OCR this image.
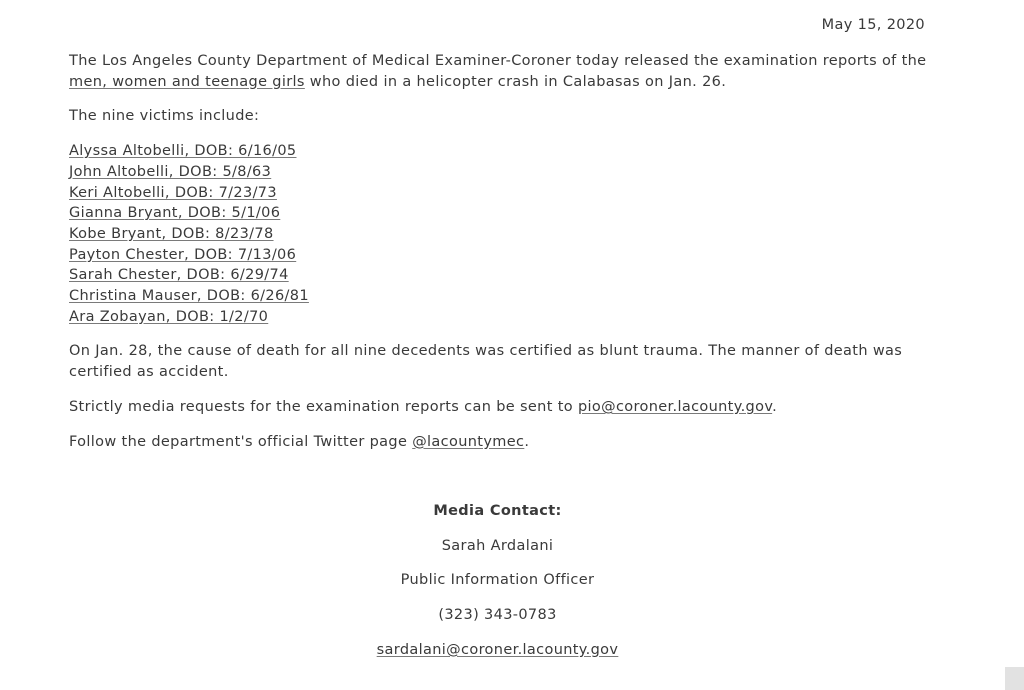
May 15, 2020

The Los Angeles County Department of Medical Examiner-Coroner today released the examination reports of the men, women and teenage girls who died in a helicopter crash in Calabasas on Jan. 26.

The nine victims include:

Alyssa Altobelli, DOB: 6/16/05
John Altobelli, DOB: 5/8/63
Keri Altobelli, DOB: 7/23/73
Gianna Bryant, DOB: 5/1/06
Kobe Bryant, DOB: 8/23/78
Payton Chester, DOB: 7/13/06
Sarah Chester, DOB: 6/29/74
Christina Mauser, DOB: 6/26/81
Ara Zobayan, DOB: 1/2/70

On Jan. 28, the cause of death for all nine decedents was certified as blunt trauma. The manner of death was certified as accident.

Strictly media requests for the examination reports can be sent to pio@coroner.lacounty.gov.

Follow the department's official Twitter page @lacountymec.

Media Contact:
Sarah Ardalani
Public Information Officer
(323) 343-0783
sardalani@coroner.lacounty.gov
